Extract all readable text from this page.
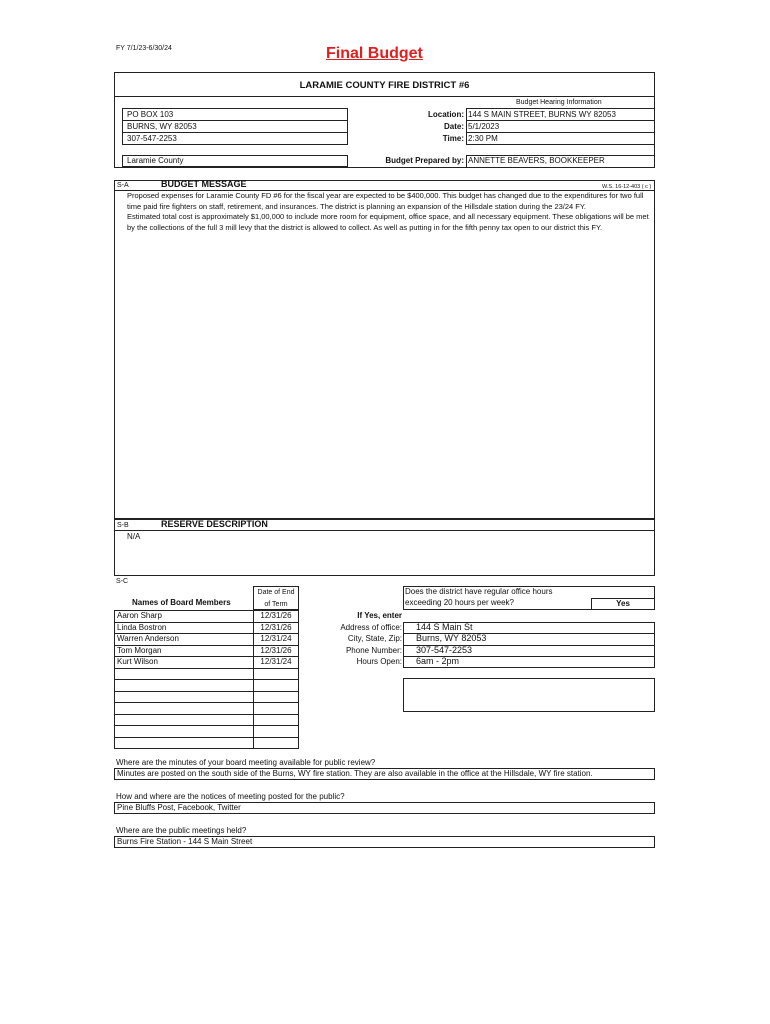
FY 7/1/23-6/30/24	Final Budget
LARAMIE COUNTY FIRE DISTRICT #6
Budget Hearing Information
PO BOX 103
BURNS, WY 82053
307-547-2253
Laramie County
Location: 144 S MAIN STREET, BURNS WY 82053
Date: 5/1/2023
Time: 2:30 PM
Budget Prepared by: ANNETTE BEAVERS, BOOKKEEPER
S-A	BUDGET MESSAGE	W.S. 16-12-403 ( c )
Proposed expenses for Laramie County FD #6 for the fiscal year are expected to be $400,000. This budget has changed due to the expenditures for two full time paid fire fighters on staff, retirement, and insurances. The district is planning an expansion of the Hillsdale station during the 23/24 FY.
Estimated total cost is approximately $1,00,000 to include more room for equipment, office space, and all necessary equipment. These obligations will be met by the collections of the full 3 mill levy that the district is allowed to collect. As well as putting in for the fifth penny tax open to our district this FY.
S-B	RESERVE DESCRIPTION
N/A
S-C
Date of End
of Term
Names of Board Members
Aaron Sharp	12/31/26
Linda Bostron	12/31/26
Warren Anderson	12/31/24
Tom Morgan	12/31/26
Kurt Wilson	12/31/24
Does the district have regular office hours
exceeding 20 hours per week?	Yes
If Yes, enter
Address of office: 144 S Main St
City, State, Zip: Burns, WY 82053
Phone Number: 307-547-2253
Hours Open: 6am - 2pm
Where are the minutes of your board meeting available for public review?
Minutes are posted on the south side of the Burns, WY fire station. They are also available in the office at the Hillsdale, WY fire station.
How and where are the notices of meeting posted for the public?
Pine Bluffs Post, Facebook, Twitter
Where are the public meetings held?
Burns Fire Station - 144 S Main Street
